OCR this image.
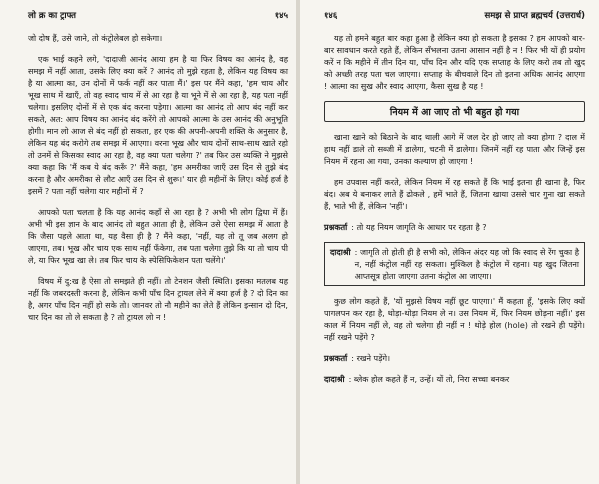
लो क्र का ट्राफ्त	१४५

जो दोष हैं, उसे जाने, तो कंट्रोलेबल हो सकेगा।

एक भाई कहने लगे, 'दादाजी आनंद आया हम है या फिर विषय का आनंद है, वह समझ में नहीं आता, उसके लिए क्या करें ? आनंद तो मुझे रहता है, लेकिन यह विषय का है या आत्मा का, उन दोनों में फर्क नहीं कर पाता मैं।' इस पर मैंने कहा, 'हम चाय और भूख साथ में खाएँ, तो वह स्वाद चाय में से आ रहा है या भूने में से आ रहा है, यह पता नहीं चलेगा। इसलिए दोनों में से एक बंद करना पड़ेगा। आत्मा का आनंद तो आप बंद नहीं कर सकते, अत: आप विषय का आनंद बंद करेंगे तो आपको आत्मा के उस आनंद की अनुभूति होगी। मान लो आज से बंद नहीं हो सकता, हर एक की अपनी-अपनी शक्ति के अनुसार है, लेकिन यह बंद करोगे तब समझ में आएगा। वरना भूख और चाय दोनों साथ-साथ खाते रहो तो उनमें से किसका स्वाद आ रहा है, वह क्या पता चलेगा ?' तब फिर उस व्यक्ति ने मुझसे क्या कहा कि 'मैं कब ये बंद करूँ ?' मैंने कहा, 'हम अमरीका जाएँ उस दिन से तुझे बंद करना है और अमरीका से लौट आएँ उस दिन से शुरू।' यार ही महीनों के लिए। कोई हर्ज है इसमें ? पता नहीं चलेगा यार महीनों में ?

आपको पता चलता है कि यह आनंद कहाँ से आ रहा है ? अभी भी लोग द्विधा में हैं। अभी भी इस ज्ञान के बाद आनंद तो बहुत आता ही है, लेकिन उसे ऐसा समझ में आता है कि जैसा पहले आता था, यह वैसा ही है ? मैंने कहा, 'नहीं, यह तो तू जब अलग हो जाएगा, तब। भूख और चाय एक साथ नहीं फँकेगा, तब पता चलेगा तुझे कि या तो चाय पी ले, या फिर भूख खा ले। तब फिर चाय के स्पेसिफिकेशन पता चलेंगे।'

विषय में दु:ख है ऐसा तो समझते ही नहीं। तो टेनशन जैसी स्थिति। इसका मतलब यह नहीं कि जबरदस्ती करना है, लेकिन कभी पाँच दिन ट्रायल लेने में क्या हर्ज है ? दो दिन का है, अगर पाँच दिन नहीं हो सके तो। जानवर तो नौ महीने का लेते हैं लेकिन इन्सान दो दिन, चार दिन का तो ले सकता है ? तो ट्रायल लो न !

१४६	समझ से प्राप्त ब्रह्मचर्य (उत्तरार्ध)

यह तो हमने बहुत बार कहा हुआ है लेकिन क्या हो सकता है इसका ? हम आपको बार-बार सावधान करते रहते हैं, लेकिन सँभलना उतना आसान नहीं है न ! फिर भी यों ही प्रयोग करें न कि महीने में तीन दिन या, पाँच दिन और यदि एक सप्ताह के लिए करो तब तो खुद को अच्छी तरह पता चल जाएगा। सप्ताह के बीचवाले दिन तो इतना अधिक आनंद आएगा ! आत्मा का सुख और स्वाद आएगा, कैसा सुख है यह !

नियम में आ जाए तो भी बहुत हो गया

खाना खाने को बिठाने के बाद थाली आगे में जल देर हो जाए तो क्या होगा ? दाल में हाथ नहीं डाले तो सब्जी में डालेगा, चटनी में डालेगा। जिनमें नहीं रह पाता और जिन्हें इस नियम में रहना आ गया, उनका कल्याण हो जाएगा !

हम उपवास नहीं करते, लेकिन नियम में रह सकते हैं कि भाई इतना ही खाना है, फिर बंद। अब ये बनाकर लाते हैं ढोकले , हमें भाते हैं, जितना खाया उससे चार गुना खा सकते हैं, भाते भी हैं, लेकिन 'नहीं'।

प्रश्नकर्ता : तो यह नियम जागृति के आधार पर रहता है ?
दादाश्री : जागृति तो होती ही है सभी को, लेकिन अंदर यह जो कि स्वाद से रेंग चुका है न, नहीं कंट्रोल नहीं रह सकता। मुश्किल है कंट्रोल में रहना। यह खुद जितना आप्तसूत्र होता जाएगा उतना कंट्रोल आ जाएगा।

कुछ लोग कहते हैं, 'यों मुझसे विषय नहीं छूट पाएगा।' मैं कहता हूँ, 'इसके लिए क्यों पागलपन कर रहा है, थोड़ा-थोड़ा नियम ले न। उस नियम में, फिर नियम छोड़ना नहीं।' इस काल में नियम नहीं ले, वह तो चलेगा ही नहीं न ! थोड़े होल (hole) तो रखने ही पड़ेंगे। नहीं रखने पड़ेंगे ?

प्रश्नकर्ता : रखने पड़ेंगे।
दादाश्री : ब्लेक होल कहते हैं न, उन्हें। यों तो, निरा सच्चा बनकर
